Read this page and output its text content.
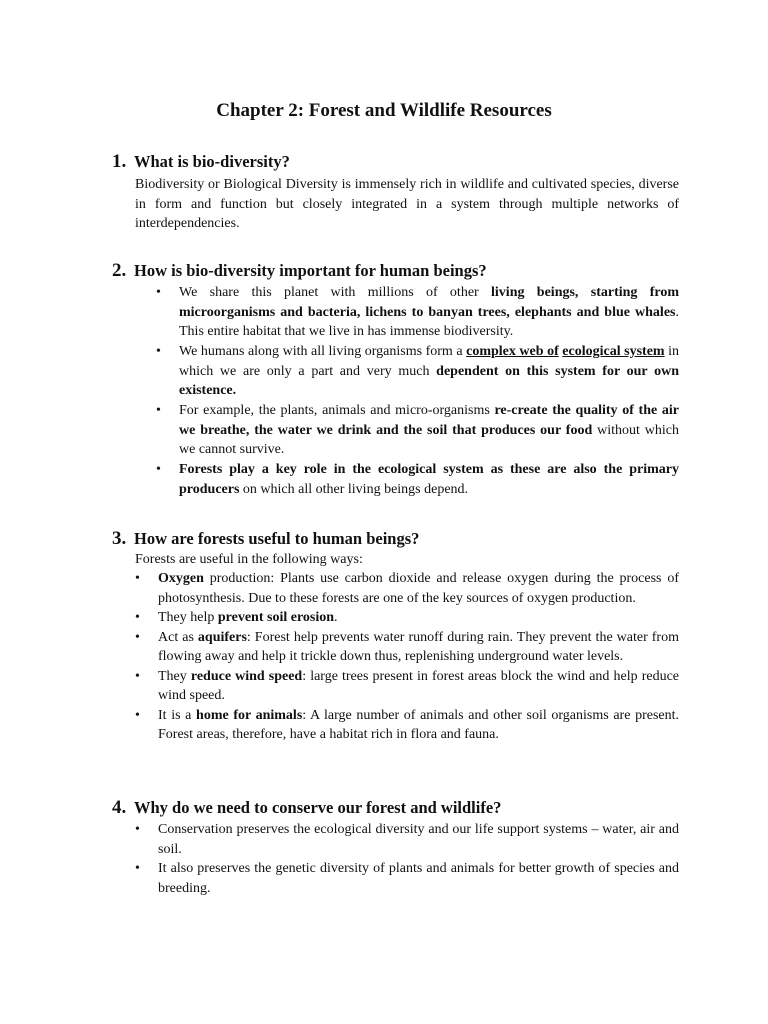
Chapter 2: Forest and Wildlife Resources
1. What is bio-diversity?

Biodiversity or Biological Diversity is immensely rich in wildlife and cultivated species, diverse in form and function but closely integrated in a system through multiple networks of interdependencies.

2. How is bio-diversity important for human beings?
• We share this planet with millions of other living beings, starting from microorganisms and bacteria, lichens to banyan trees, elephants and blue whales. This entire habitat that we live in has immense biodiversity.
• We humans along with all living organisms form a complex web of ecological system in which we are only a part and very much dependent on this system for our own existence.
• For example, the plants, animals and micro-organisms re-create the quality of the air we breathe, the water we drink and the soil that produces our food without which we cannot survive.
• Forests play a key role in the ecological system as these are also the primary producers on which all other living beings depend.
3. How are forests useful to human beings?

Forests are useful in the following ways:

• Oxygen production: Plants use carbon dioxide and release oxygen during the process of photosynthesis. Due to these forests are one of the key sources of oxygen production.
• They help prevent soil erosion.
• Act as aquifers: Forest help prevents water runoff during rain. They prevent the water from flowing away and help it trickle down thus, replenishing underground water levels.
• They reduce wind speed: large trees present in forest areas block the wind and help reduce wind speed.
• It is a home for animals: A large number of animals and other soil organisms are present. Forest areas, therefore, have a habitat rich in flora and fauna.
4. Why do we need to conserve our forest and wildlife?
• Conservation preserves the ecological diversity and our life support systems – water, air and soil.
• It also preserves the genetic diversity of plants and animals for better growth of species and breeding.
